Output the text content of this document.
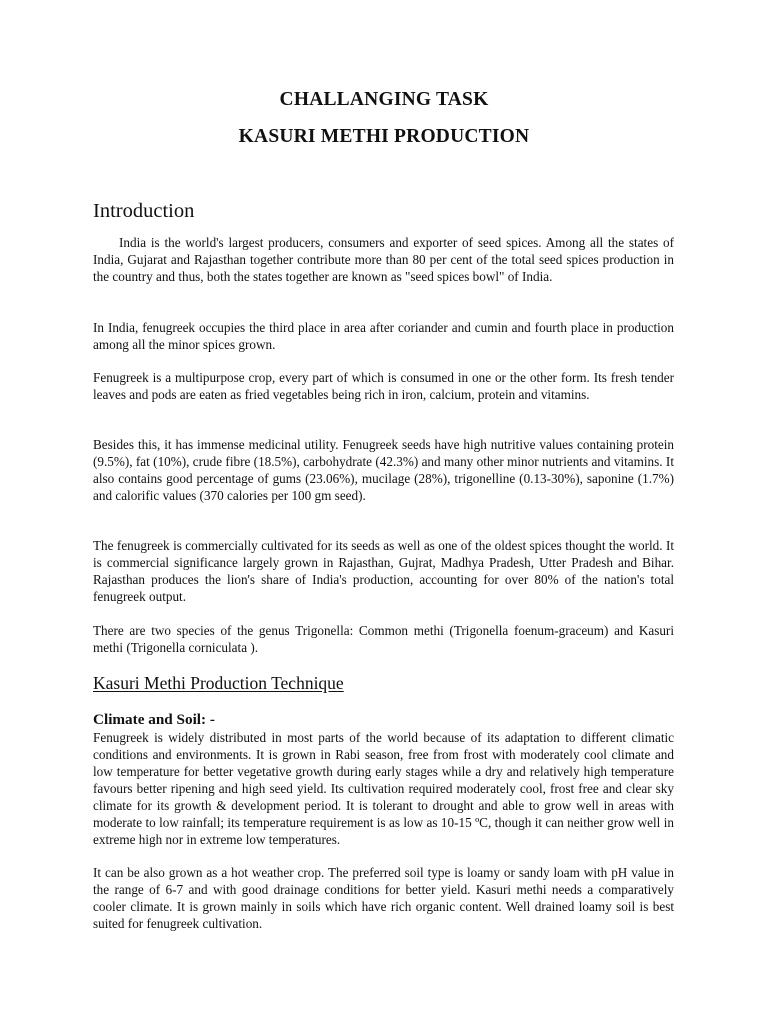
CHALLANGING TASK
KASURI METHI PRODUCTION
Introduction

India is the world's largest producers, consumers and exporter of seed spices. Among all the states of India, Gujarat and Rajasthan together contribute more than 80 per cent of the total seed spices production in the country and thus, both the states together are known as "seed spices bowl" of India.

In India, fenugreek occupies the third place in area after coriander and cumin and fourth place in production among all the minor spices grown.

Fenugreek is a multipurpose crop, every part of which is consumed in one or the other form. Its fresh tender leaves and pods are eaten as fried vegetables being rich in iron, calcium, protein and vitamins.

Besides this, it has immense medicinal utility. Fenugreek seeds have high nutritive values containing protein (9.5%), fat (10%), crude fibre (18.5%), carbohydrate (42.3%) and many other minor nutrients and vitamins. It also contains good percentage of gums (23.06%), mucilage (28%), trigonelline (0.13-30%), saponine (1.7%) and calorific values (370 calories per 100 gm seed).

The fenugreek is commercially cultivated for its seeds as well as one of the oldest spices thought the world. It is commercial significance largely grown in Rajasthan, Gujrat, Madhya Pradesh, Utter Pradesh and Bihar. Rajasthan produces the lion's share of India's production, accounting for over 80% of the nation's total fenugreek output.

There are two species of the genus Trigonella: Common methi (Trigonella foenum-graceum) and Kasuri methi (Trigonella corniculata ).

Kasuri Methi Production Technique
Climate and Soil: -

Fenugreek is widely distributed in most parts of the world because of its adaptation to different climatic conditions and environments. It is grown in Rabi season, free from frost with moderately cool climate and low temperature for better vegetative growth during early stages while a dry and relatively high temperature favours better ripening and high seed yield. Its cultivation required moderately cool, frost free and clear sky climate for its growth & development period. It is tolerant to drought and able to grow well in areas with moderate to low rainfall; its temperature requirement is as low as 10-15 ºC, though it can neither grow well in extreme high nor in extreme low temperatures.

It can be also grown as a hot weather crop. The preferred soil type is loamy or sandy loam with pH value in the range of 6-7 and with good drainage conditions for better yield. Kasuri methi needs a comparatively cooler climate. It is grown mainly in soils which have rich organic content. Well drained loamy soil is best suited for fenugreek cultivation.
